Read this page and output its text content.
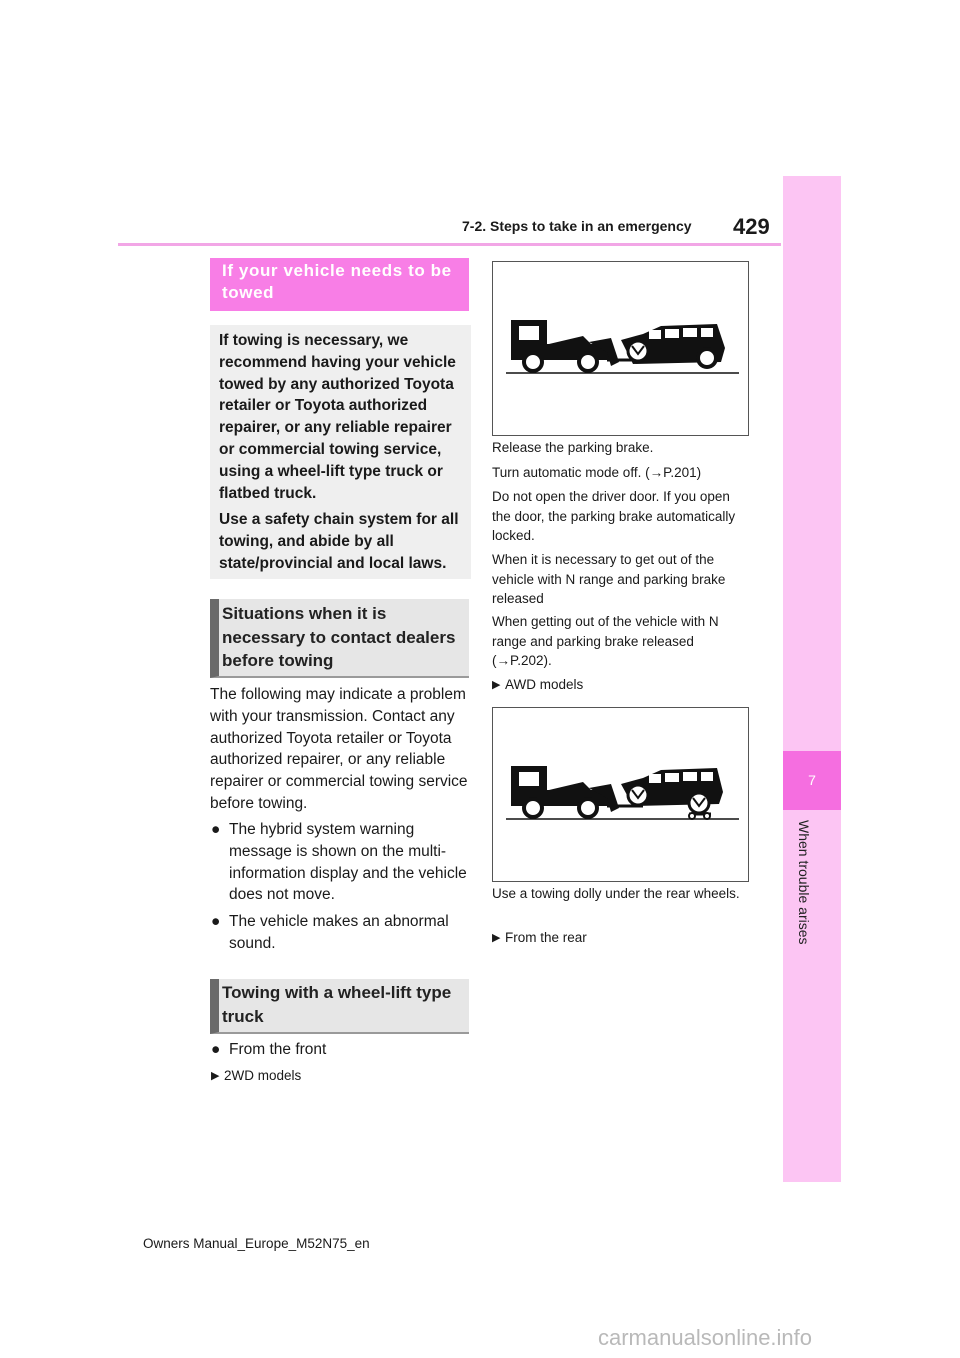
7-2. Steps to take in an emergency 429
7
When trouble arises
If your vehicle needs to be towed

If towing is necessary, we recommend having your vehicle towed by any authorized Toyota retailer or Toyota authorized repairer, or any reliable repairer or commercial towing service, using a wheel-lift type truck or flatbed truck.

Use a safety chain system for all towing, and abide by all state/provincial and local laws.

Situations when it is necessary to contact dealers before towing
The following may indicate a problem with your transmission. Contact any authorized Toyota retailer or Toyota authorized repairer, or any reliable repairer or commercial towing service before towing.
● The hybrid system warning message is shown on the multi-information display and the vehicle does not move.
● The vehicle makes an abnormal sound.
Towing with a wheel-lift type truck
● From the front
▶ 2WD models
Release the parking brake.
Turn automatic mode off. (→P.201)
Do not open the driver door. If you open the door, the parking brake automatically locked.
When it is necessary to get out of the vehicle with N range and parking brake released
When getting out of the vehicle with N range and parking brake released (→P.202).
▶ AWD models
Use a towing dolly under the rear wheels.
▶ From the rear
Owners Manual_Europe_M52N75_en
carmanualsonline.info
